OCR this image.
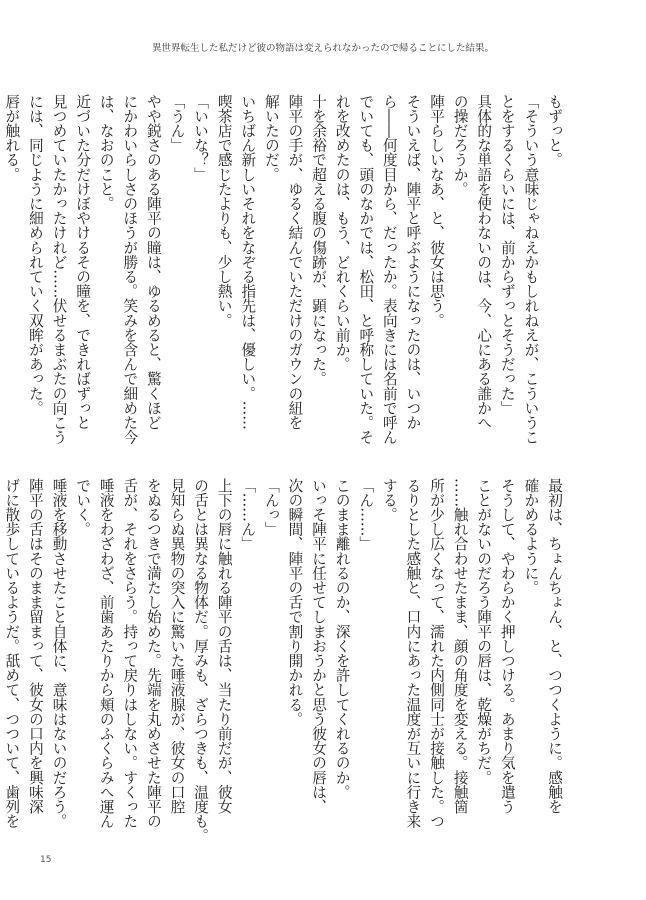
異世界転生した私だけど彼の物語は変えられなかったので帰ることにした結果。

もずっと。

「そういう意味じゃねえかもしれねえが、こういうこ

とをするくらいには、前からずっとそうだった」

具体的な単語を使わないのは、今、心にある誰かへ

の操だろうか。

陣平らしいなあ、と、彼女は思う。

そういえば、陣平と呼ぶようになったのは、いつか

ら――何度目から、だったか。表向きには名前で呼ん

でいても、頭のなかでは、松田、と呼称していた。そ

れを改めたのは、もう、どれくらい前か。

十を余裕で超える腹の傷跡が、顕になった。

陣平の手が、ゆるく結んでいただけのガウンの紐を

解いたのだ。

いちばん新しいそれをなぞる指先は、優しい。……

喫茶店で感じたよりも、少し熱い。

「いいな？」

「うん」

やや鋭さのある陣平の瞳は、ゆるめると、驚くほど

にかわいらしさのほうが勝る。笑みを含んで細めた今

は、なおのこと。

近づいた分だけぼやけるその瞳を、できればずっと

見つめていたかったけれど……伏せるまぶたの向こう

には、同じように細められていく双眸があった。

唇が触れる。

最初は、ちょんちょん、と、つつくように。感触を

確かめるように。

そうして、やわらかく押しつける。あまり気を遣う

ことがないのだろう陣平の唇は、乾燥がちだ。

……触れ合わせたまま、顔の角度を変える。接触箇

所が少し広くなって、濡れた内側同士が接触した。つ

るりとした感触と、口内にあった温度が互いに行き来

する。

「ん……」

このまま離れるのか、深くを許してくれるのか。

いっそ陣平に任せてしまおうかと思う彼女の唇は、

次の瞬間、陣平の舌で割り開かれる。

「んっ」

「……ん」

上下の唇に触れる陣平の舌は、当たり前だが、彼女

の舌とは異なる物体だ。厚みも、ざらつきも、温度も。

見知らぬ異物の突入に驚いた唾液腺が、彼女の口腔

をぬるつきで満たし始めた。先端を丸めさせた陣平の

舌が、それをさらう。持って戻りはしない。すくった

唾液をわざわざ、前歯あたりから頬のふくらみへ運ん

でいく。

唾液を移動させたこと自体に、意味はないのだろう。

陣平の舌はそのまま留まって、彼女の口内を興味深

げに散歩しているようだ。舐めて、つついて、歯列を

15
